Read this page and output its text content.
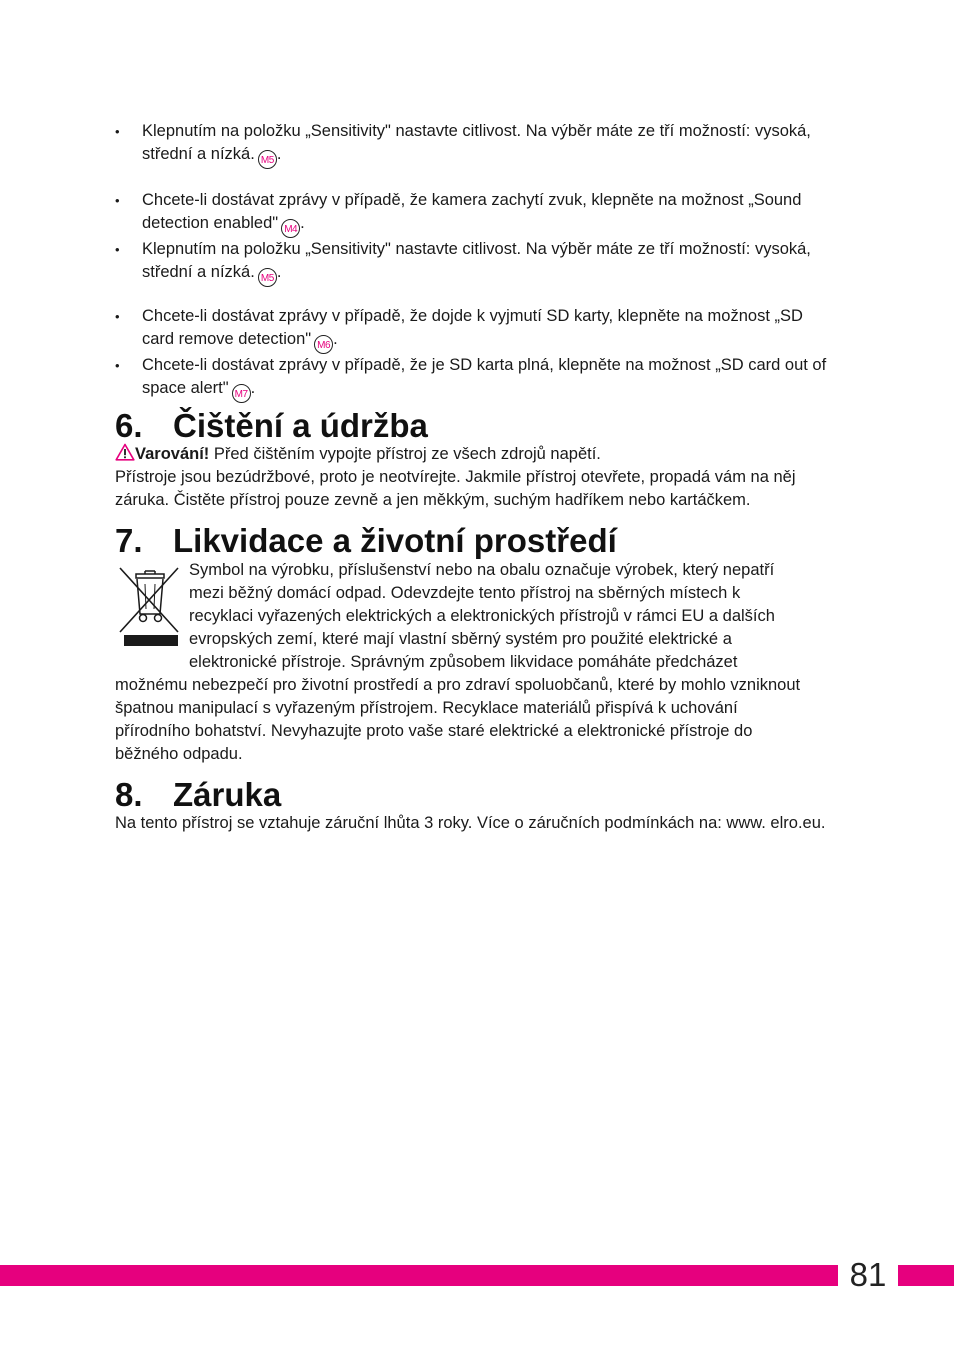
• Klepnutím na položku „Sensitivity" nastavte citlivost. Na výběr máte ze tří možností: vysoká, střední a nízká. M5 .
• Chcete-li dostávat zprávy v případě, že kamera zachytí zvuk, klepněte na možnost „Sound detection enabled" M4 .
• Klepnutím na položku „Sensitivity" nastavte citlivost. Na výběr máte ze tří možností: vysoká, střední a nízká. M5 .
• Chcete-li dostávat zprávy v případě, že dojde k vyjmutí SD karty, klepněte na možnost „SD card remove detection" M6 .
• Chcete-li dostávat zprávy v případě, že je SD karta plná, klepněte na možnost „SD card out of space alert" M7 .
6. Čištění a údržba

Varování! Před čištěním vypojte přístroj ze všech zdrojů napětí.

Přístroje jsou bezúdržbové, proto je neotvírejte. Jakmile přístroj otevřete, propadá vám na něj záruka. Čistěte přístroj pouze zevně a jen měkkým, suchým hadříkem nebo kartáčkem.

7. Likvidace a životní prostředí
Symbol na výrobku, příslušenství nebo na obalu označuje výrobek, který nepatří
mezi běžný domácí odpad. Odevzdejte tento přístroj na sběrných místech k
recyklaci vyřazených elektrických a elektronických přístrojů v rámci EU a dalších
evropských zemí, které mají vlastní sběrný systém pro použité elektrické a
elektronické přístroje. Správným způsobem likvidace pomáháte předcházet

možnému nebezpečí pro životní prostředí a pro zdraví spoluobčanů, které by mohlo vzniknout špatnou manipulací s vyřazeným přístrojem. Recyklace materiálů přispívá k uchování přírodního bohatství. Nevyhazujte proto vaše staré elektrické a elektronické přístroje do běžného odpadu.

8. Záruka

Na tento přístroj se vztahuje záruční lhůta 3 roky. Více o záručních podmínkách na: www. elro.eu.

81
